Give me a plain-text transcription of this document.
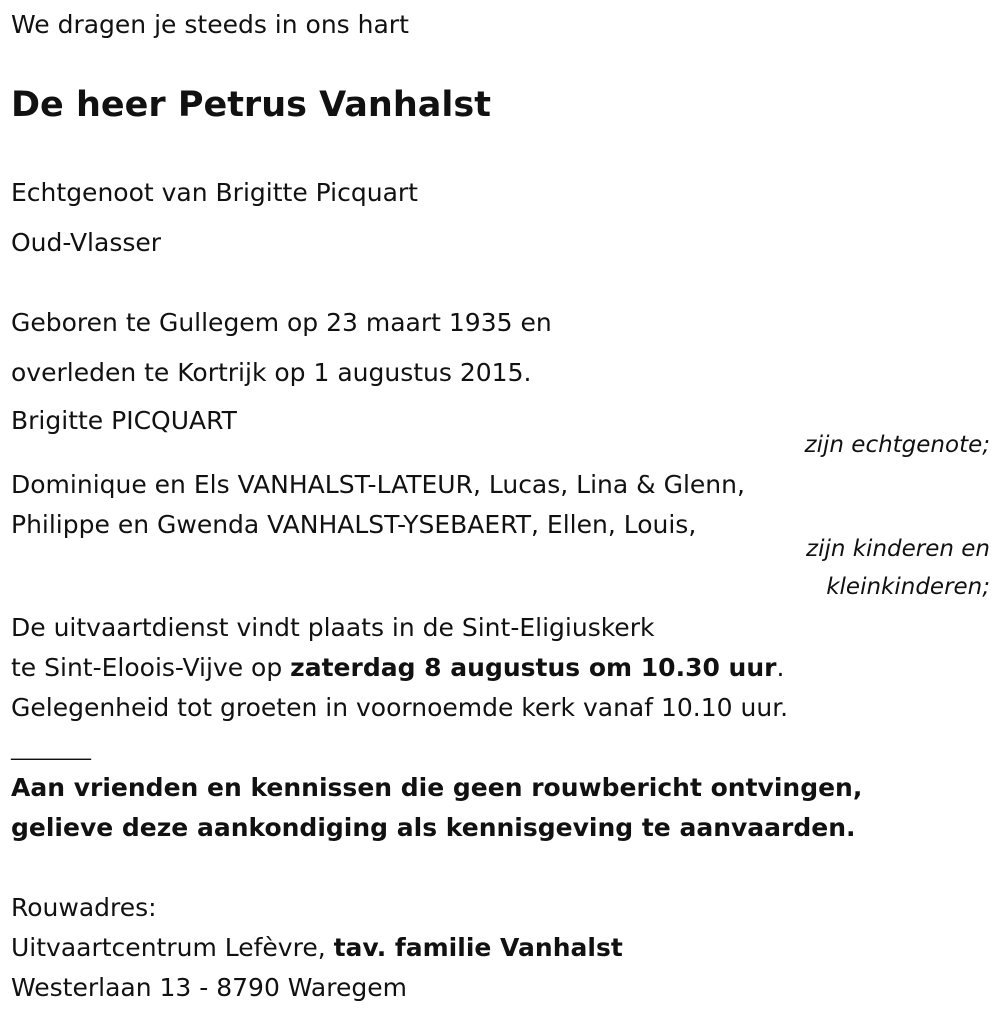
We dragen je steeds in ons hart
De heer Petrus Vanhalst
Echtgenoot van Brigitte Picquart
Oud-Vlasser
Geboren te Gullegem op 23 maart 1935 en
overleden te Kortrijk op 1 augustus 2015.
Brigitte PICQUART
zijn echtgenote;
Dominique en Els VANHALST-LATEUR, Lucas, Lina & Glenn,
Philippe en Gwenda VANHALST-YSEBAERT, Ellen, Louis,
zijn kinderen en
kleinkinderen;
De uitvaartdienst vindt plaats in de Sint-Eligiuskerk
te Sint-Eloois-Vijve op zaterdag 8 augustus om 10.30 uur.
Gelegenheid tot groeten in voornoemde kerk vanaf 10.10 uur.
________
Aan vrienden en kennissen die geen rouwbericht ontvingen,
gelieve deze aankondiging als kennisgeving te aanvaarden.
Rouwadres:
Uitvaartcentrum Lefèvre, tav. familie Vanhalst
Westerlaan 13 - 8790 Waregem
